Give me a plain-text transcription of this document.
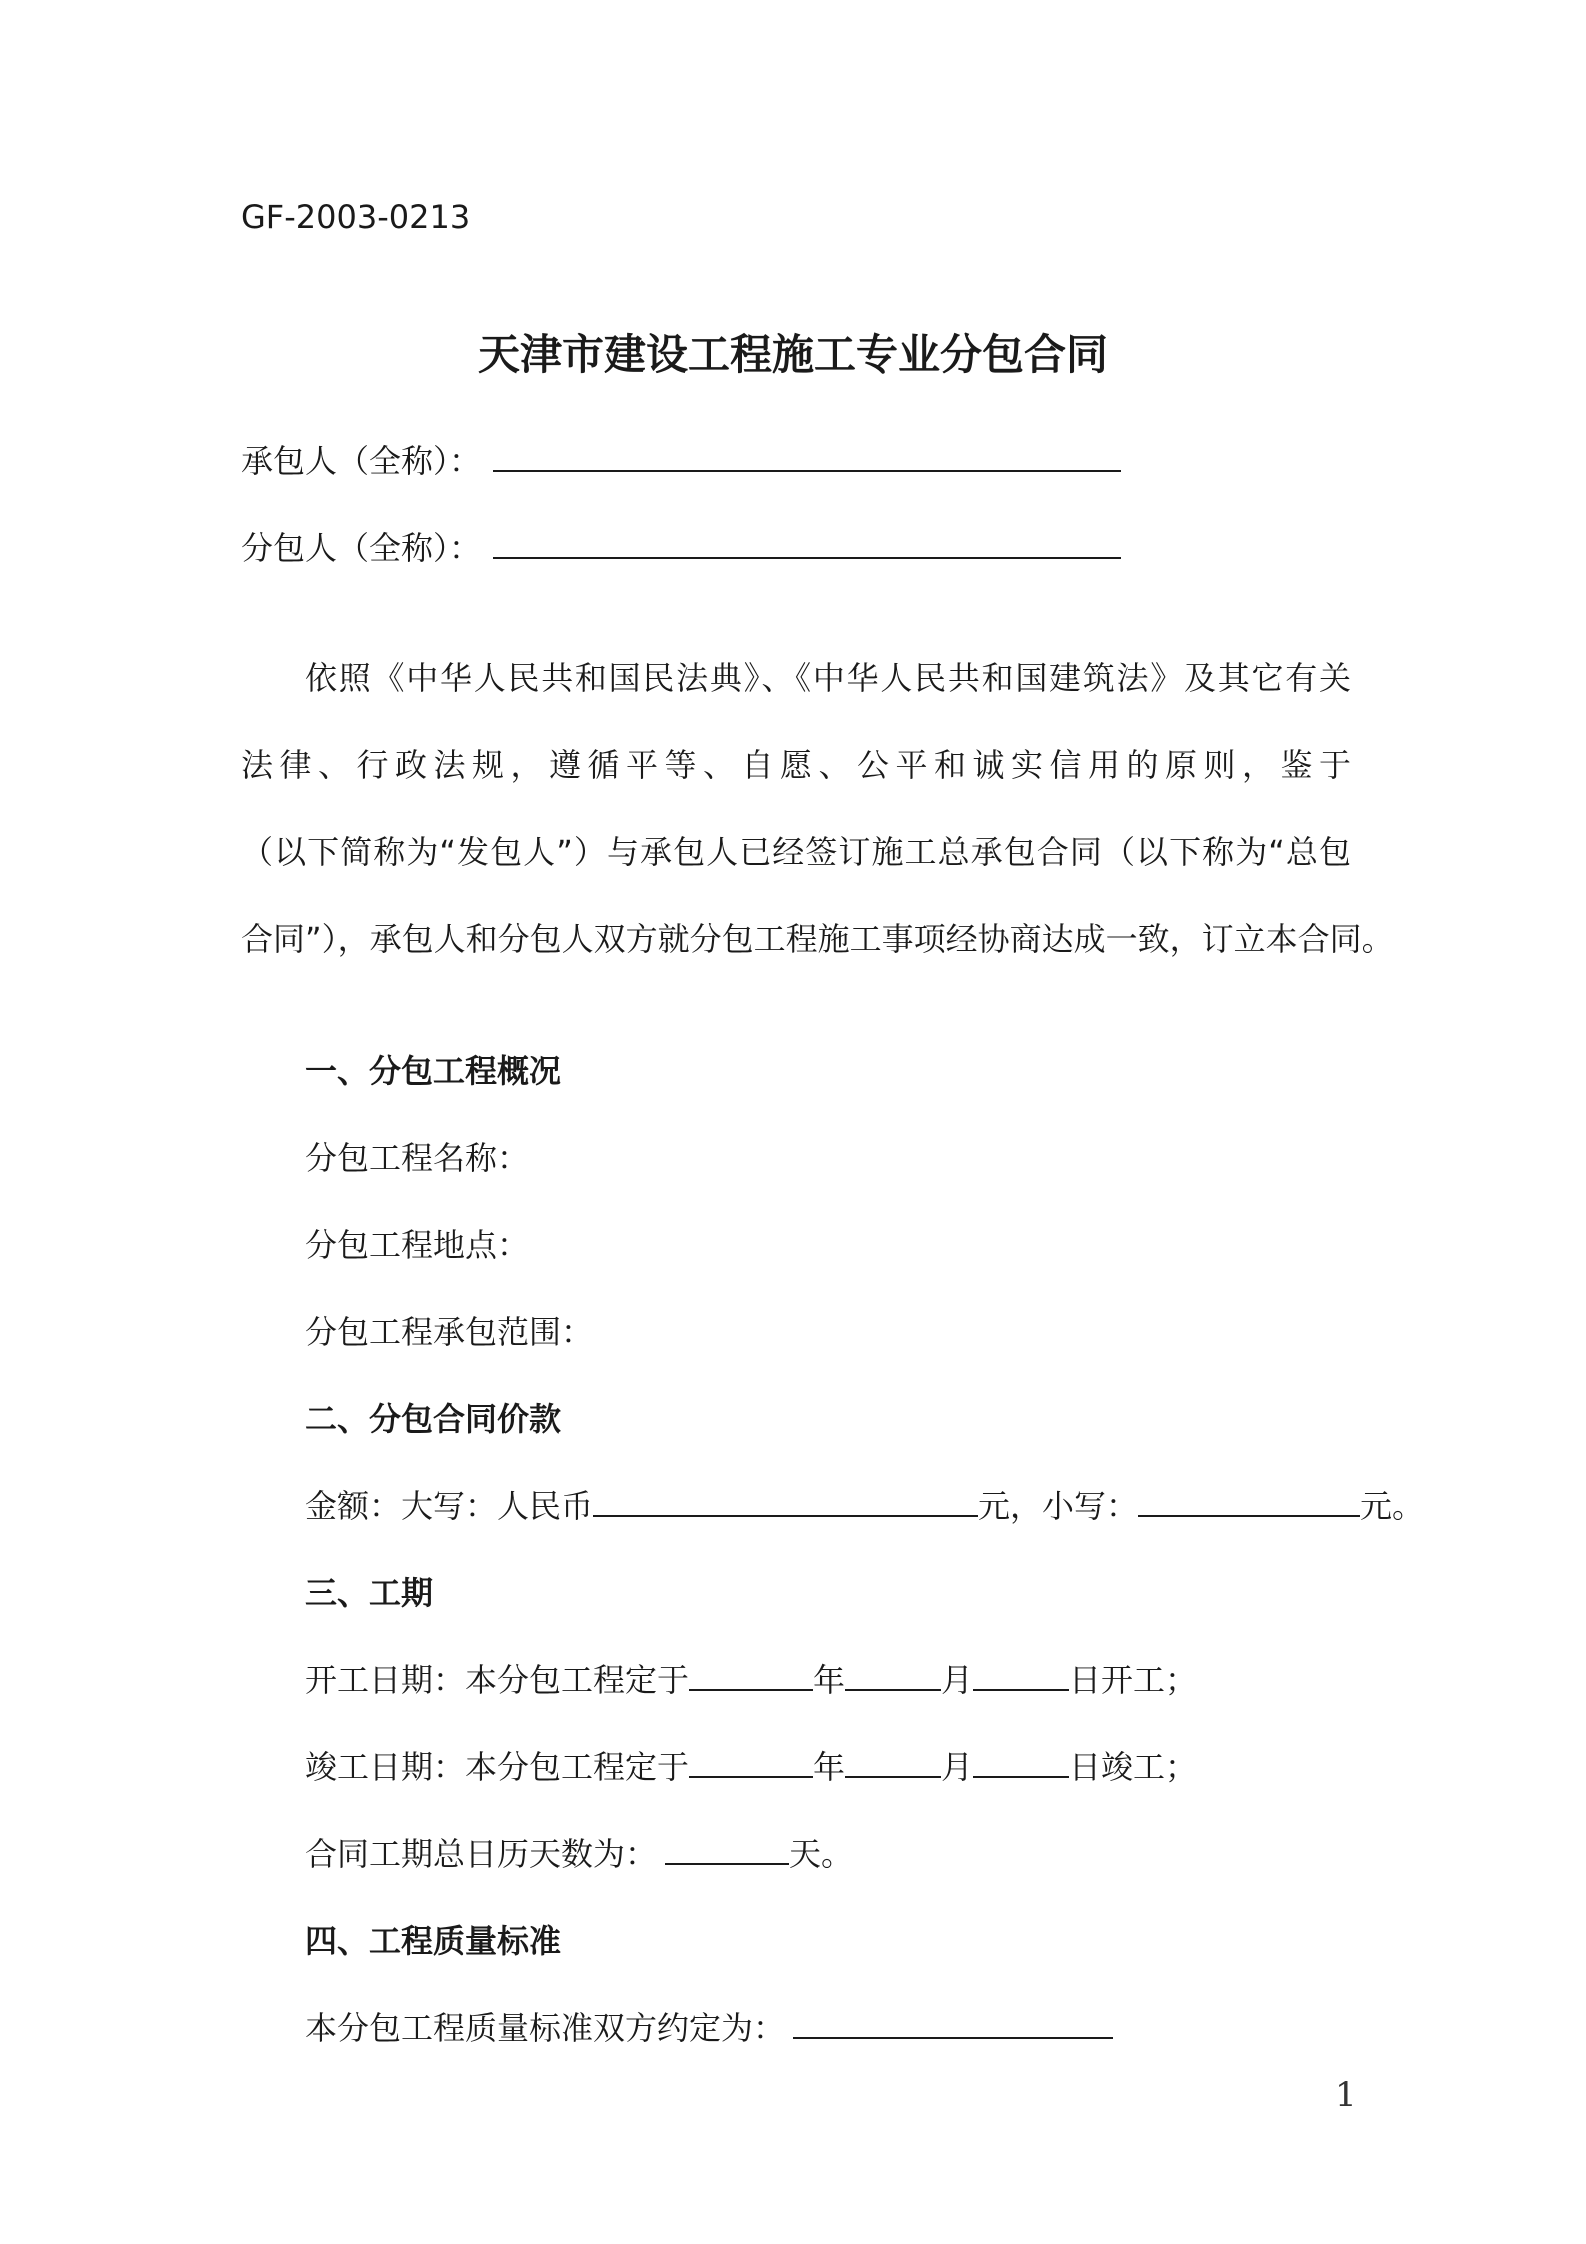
GF-2003-0213
天津市建设工程施工专业分包合同
承包人（全称）：
分包人（全称）：
依照《中华人民共和国民法典》、《中华人民共和国建筑法》及其它有关
法律、行政法规，遵循平等、自愿、公平和诚实信用的原则，鉴于
（以下简称为“发包人”）与承包人已经签订施工总承包合同（以下称为“总包
合同”），承包人和分包人双方就分包工程施工事项经协商达成一致，订立本合同。
一、分包工程概况
分包工程名称：
分包工程地点：
分包工程承包范围：
二、分包合同价款
金额：大写：人民币	元，小写：	元。
三、工期
开工日期：本分包工程定于	年	月	日开工；
竣工日期：本分包工程定于	年	月	日竣工；
合同工期总日历天数为：	天。
四、工程质量标准
本分包工程质量标准双方约定为：
1
